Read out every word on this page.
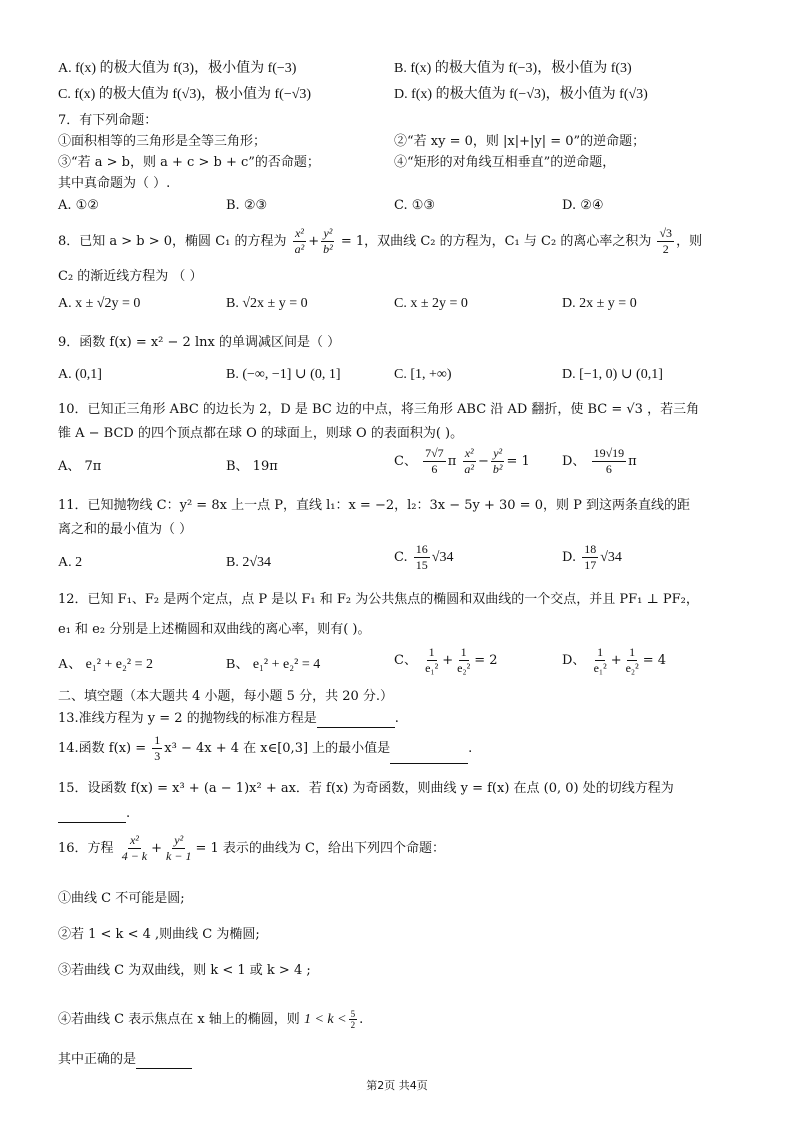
A. f(x) 的极大值为 f(3)，极小值为 f(−3)	B. f(x) 的极大值为 f(−3)，极小值为 f(3)
C. f(x) 的极大值为 f(√3)，极小值为 f(−√3)	D. f(x) 的极大值为 f(−√3)，极小值为 f(√3)
7．有下列命题：
①面积相等的三角形是全等三角形；	②“若 xy = 0，则 |x|+|y| = 0”的逆命题；
③“若 a > b，则 a + c > b + c”的否命题；	④“矩形的对角线互相垂直”的逆命题，
其中真命题为（ ）.
A. ①②	B. ②③	C. ①③	D. ②④
8．已知 a > b > 0，椭圆 C₁ 的方程为 $\frac{\text{x²}}{\text{a²}} + \frac{\text{y²}}{\text{b²}} = 1$，双曲线 C₂ 的方程为，C₁ 与 C₂ 的离心率之积为 $\frac{√3}{2}$ ，则
C₂ 的渐近线方程为 （ ）
A. x ± √2y = 0	B. √2x ± y = 0	C. x ± 2y = 0	D. 2x ± y = 0
9．函数 f(x) = x² − 2 lnx 的单调减区间是（ ）
A. (0,1]	B. (−∞, −1] ∪ (0, 1]	C. [1, +∞)	D. [−1, 0) ∪ (0,1]
10．已知正三角形 ABC 的边长为 2，D 是 BC 边的中点，将三角形 ABC 沿 AD 翻折，使 BC = √3 ，若三角
锥 A − BCD 的四个顶点都在球 O 的球面上，则球 O 的表面积为( )。
A、 7π	B、 19π	C、 $\frac{7√7}{6}$ π $\frac{\text{x²}}{\text{a²}} - \frac{\text{y²}}{\text{b²}} = 1$ D、 $\frac{19√19}{6}$ π
11．已知抛物线 C：y² = 8x 上一点 P，直线 l₁：x = −2，l₂：3x − 5y + 30 = 0，则 P 到这两条直线的距
离之和的最小值为（ ）
A. 2	B. 2√34	C. $\frac{16}{15} √34$	D. $\frac{18}{17} √34$
12．已知 F₁、F₂ 是两个定点，点 P 是以 F₁ 和 F₂ 为公共焦点的椭圆和双曲线的一个交点，并且 PF₁ ⊥ PF₂，
e₁ 和 e₂ 分别是上述椭圆和双曲线的离心率，则有( )。
A、 e₁² + e₂² = 2	B、 e₁² + e₂² = 4	C、 $\frac{1}{\text{e₁²}} + \frac{1}{\text{e₂²}} = 2$	D、 $\frac{1}{\text{e₁²}} + \frac{1}{\text{e₂²}} = 4$
二、填空题（本大题共 4 小题，每小题 5 分，共 20 分.）
13.准线方程为 y = 2 的抛物线的标准方程是	.
14.函数 $f(x) = \frac{1}{3} x^3 - 4x + 4$ 在 x∈[0,3] 上的最小值是	.
15．设函数 f(x) = x³ + (a − 1)x² + ax．若 f(x) 为奇函数，则曲线 y = f(x) 在点 (0, 0) 处的切线方程为
.
16．方程 $\frac{\text{x²}}{4 - k} + \frac{\text{y²}}{k - 1} = 1$ 表示的曲线为 C，给出下列四个命题：
①曲线 C 不可能是圆;
②若 1 < k < 4 ,则曲线 C 为椭圆;
③若曲线 C 为双曲线，则 k < 1 或 k > 4 ;
④若曲线 C 表示焦点在 x 轴上的椭圆，则 $1 < k < \frac{5}{2}$ .
其中正确的是
第2页 共4页
